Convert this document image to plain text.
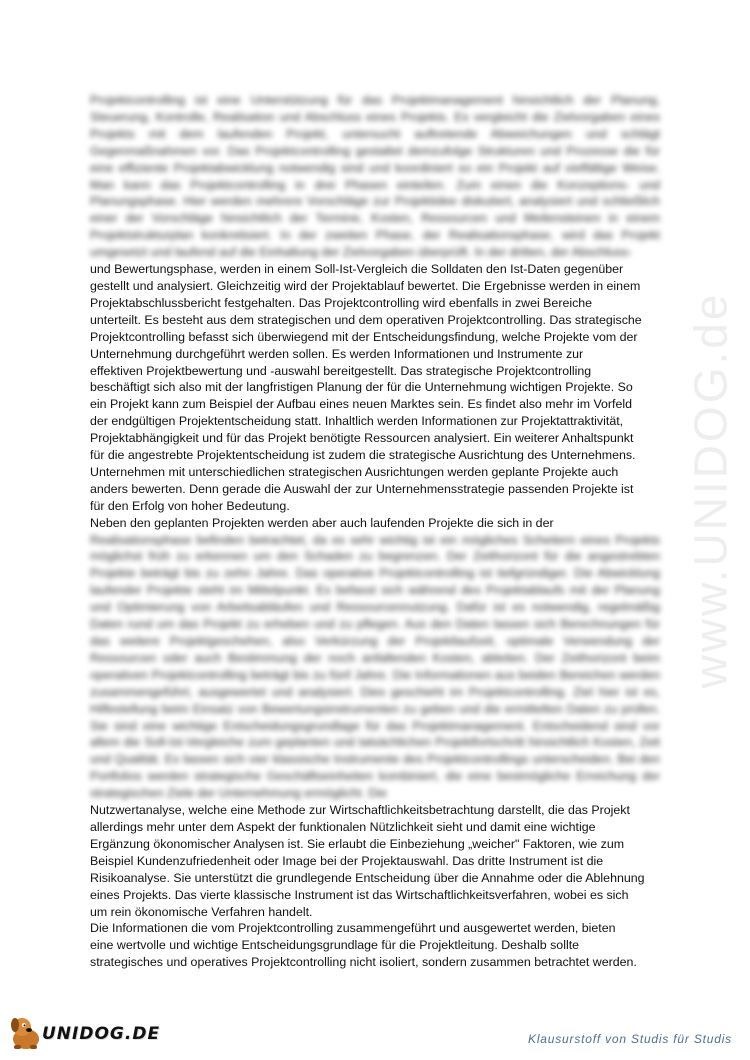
Projektcontrolling ist eine Unterstützung für das Projektmanagement hinsichtlich der Planung, Steuerung, Kontrolle, Realisation und Abschluss eines Projekts. Es vergleicht die Zielvorgaben eines Projekts mit dem laufenden Projekt, untersucht auftretende Abweichungen und schlägt Gegenmaßnahmen vor. Das Projektcontrolling gestaltet demzufolge Strukturen und Prozesse die für eine effiziente Projektabwicklung notwendig sind und koordiniert so ein Projekt auf vielfältige Weise. Man kann das Projektcontrolling in drei Phasen einteilen. Zum einen die Konzeptions- und Planungsphase. Hier werden mehrere Vorschläge zur Projektidee diskutiert, analysiert und schließlich einer der Vorschläge hinsichtlich der Termine, Kosten, Ressourcen und Meilensteinen in einem Projektstrukturplan konkretisiert. In der zweiten Phase, der Realisationsphase, wird das Projekt umgesetzt und laufend auf die Einhaltung der Zielvorgaben überprüft. In der dritten, der Abschluss-

und Bewertungsphase, werden in einem Soll-Ist-Vergleich die Solldaten den Ist-Daten gegenüber
gestellt und analysiert. Gleichzeitig wird der Projektablauf bewertet. Die Ergebnisse werden in einem
Projektabschlussbericht festgehalten. Das Projektcontrolling wird ebenfalls in zwei Bereiche
unterteilt. Es besteht aus dem strategischen und dem operativen Projektcontrolling. Das strategische
Projektcontrolling befasst sich überwiegend mit der Entscheidungsfindung, welche Projekte vom der
Unternehmung durchgeführt werden sollen. Es werden Informationen und Instrumente zur
effektiven Projektbewertung und -auswahl bereitgestellt. Das strategische Projektcontrolling
beschäftigt sich also mit der langfristigen Planung der für die Unternehmung wichtigen Projekte. So
ein Projekt kann zum Beispiel der Aufbau eines neuen Marktes sein. Es findet also mehr im Vorfeld
der endgültigen Projektentscheidung statt. Inhaltlich werden Informationen zur Projektattraktivität,
Projektabhängigkeit und für das Projekt benötigte Ressourcen analysiert. Ein weiterer Anhaltspunkt
für die angestrebte Projektentscheidung ist zudem die strategische Ausrichtung des Unternehmens.
Unternehmen mit unterschiedlichen strategischen Ausrichtungen werden geplante Projekte auch
anders bewerten. Denn gerade die Auswahl der zur Unternehmensstrategie passenden Projekte ist
für den Erfolg von hoher Bedeutung.
Neben den geplanten Projekten werden aber auch laufenden Projekte die sich in der

Realisationsphase befinden betrachtet, da es sehr wichtig ist ein mögliches Scheitern eines Projekts möglichst früh zu erkennen um den Schaden zu begrenzen. Der Zeithorizont für die angestrebten Projekte beträgt bis zu zehn Jahre. Das operative Projektcontrolling ist tiefgründiger. Die Abwicklung laufender Projekte steht im Mittelpunkt. Es befasst sich während des Projektablaufs mit der Planung und Optimierung von Arbeitsabläufen und Ressourcennutzung. Dafür ist es notwendig, regelmäßig Daten rund um das Projekt zu erheben und zu pflegen. Aus den Daten lassen sich Berechnungen für das weitere Projektgeschehen, also Verkürzung der Projektlaufzeit, optimale Verwendung der Ressourcen oder auch Bestimmung der noch anfallenden Kosten, ableiten. Der Zeithorizont beim operativen Projektcontrolling beträgt bis zu fünf Jahre. Die Informationen aus beiden Bereichen werden zusammengeführt, ausgewertet und analysiert. Dies geschieht im Projektcontrolling. Ziel hier ist es, Hilfestellung beim Einsatz von Bewertungsinstrumenten zu geben und die ermittelten Daten zu prüfen. Sie sind eine wichtige Entscheidungsgrundlage für das Projektmanagement. Entscheidend sind vor allem die Soll-Ist-Vergleiche zum geplanten und tatsächlichen Projektfortschritt hinsichtlich Kosten, Zeit und Qualität. Es lassen sich vier klassische Instrumente des Projektcontrollings unterscheiden. Bei den Portfolios werden strategische Geschäftseinheiten kombiniert, die eine bestmögliche Erreichung der strategischen Ziele der Unternehmung ermöglicht. Die

Nutzwertanalyse, welche eine Methode zur Wirtschaftlichkeitsbetrachtung darstellt, die das Projekt
allerdings mehr unter dem Aspekt der funktionalen Nützlichkeit sieht und damit eine wichtige
Ergänzung ökonomischer Analysen ist. Sie erlaubt die Einbeziehung „weicher" Faktoren, wie zum
Beispiel Kundenzufriedenheit oder Image bei der Projektauswahl. Das dritte Instrument ist die
Risikoanalyse. Sie unterstützt die grundlegende Entscheidung über die Annahme oder die Ablehnung
eines Projekts. Das vierte klassische Instrument ist das Wirtschaftlichkeitsverfahren, wobei es sich
um rein ökonomische Verfahren handelt.
Die Informationen die vom Projektcontrolling zusammengeführt und ausgewertet werden, bieten
eine wertvolle und wichtige Entscheidungsgrundlage für die Projektleitung. Deshalb sollte
strategisches und operatives Projektcontrolling nicht isoliert, sondern zusammen betrachtet werden.
www.UNIDOG.de
UNIDOG.DE	Klausurstoff von Studis für Studis
